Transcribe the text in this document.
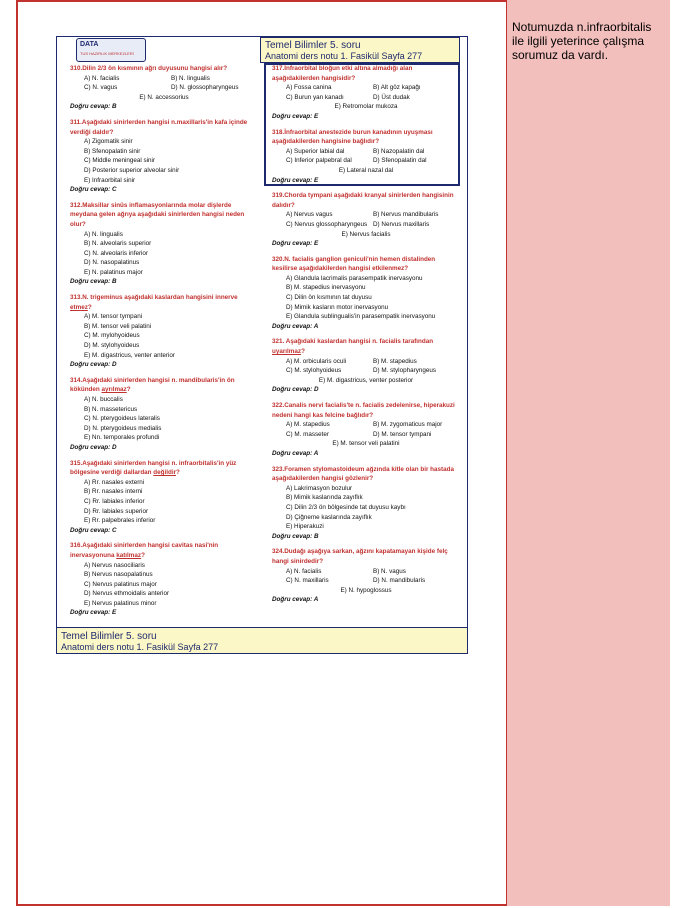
Notumuzda n.infraorbitalis ile ilgili yeterince çalışma sorumuz da vardı.
DATA
TUS HAZIRLIK MERKEZLERİ
Temel Bilimler 5. soru
Anatomi ders notu 1. Fasikül Sayfa 277
310.Dilin 2/3 ön kısmının ağrı duyusunu hangisi alır?
A) N. facialis	B) N. lingualis
C) N. vagus	D) N. glossopharyngeus
E) N. accessorius
Doğru cevap: B
311.Aşağıdaki sinirlerden hangisi n.maxillaris'in kafa içinde verdiği daldır?
A) Zigomatik sinir
B) Sfenopalatin sinir
C) Middle meningeal sinir
D) Posterior superior alveolar sinir
E) Infraorbital sinir
Doğru cevap: C
312.Maksillar sinüs inflamasyonlarında molar dişlerde meydana gelen ağrıya aşağıdaki sinirlerden hangisi neden olur?
A) N. lingualis
B) N. alveolaris superior
C) N. alveolaris inferior
D) N. nasopalatinus
E) N. palatinus major
Doğru cevap: B
313.N. trigeminus aşağıdaki kaslardan hangisini innerve etmez?
A) M. tensor tympani
B) M. tensor veli palatini
C) M. mylohyoideus
D) M. stylohyoideus
E) M. digastricus, venter anterior
Doğru cevap: D
314.Aşağıdaki sinirlerden hangisi n. mandibularis'in ön kökünden ayrılmaz?
A) N. buccalis
B) N. massetericus
C) N. pterygoideus lateralis
D) N. pterygoideus medialis
E) Nn. temporales profundi
Doğru cevap: D
315.Aşağıdaki sinirlerden hangisi n. infraorbitalis'in yüz bölgesine verdiği dallardan değildir?
A) Rr. nasales externi
B) Rr. nasales interni
C) Rr. labiales inferior
D) Rr. labiales superior
E) Rr. palpebrales inferior
Doğru cevap: C
316.Aşağıdaki sinirlerden hangisi cavitas nasi'nin inervasyonuna katılmaz?
A) Nervus nasociliaris
B) Nervus nasopalatinus
C) Nervus palatinus major
D) Nervus ethmoidalis anterior
E) Nervus palatinus minor
Doğru cevap: E
317.İnfraorbital bloğun etki altına almadığı alan aşağıdakilerden hangisidir?
A) Fossa canina	B) Alt göz kapağı
C) Burun yan kanadı	D) Üst dudak
E) Retromolar mukoza
Doğru cevap: E
318.İnfraorbital anestezide burun kanadının uyuşması aşağıdakilerden hangisine bağlıdır?
A) Superior labial dal	B) Nazopalatin dal
C) Inferior palpebral dal	D) Sfenopalatin dal
E) Lateral nazal dal
Doğru cevap: E
319.Chorda tympani aşağıdaki kranyal sinirlerden hangisinin dalıdır?
A) Nervus vagus	B) Nervus mandibularis
C) Nervus glossopharyngeus D) Nervus maxillaris
E) Nervus facialis
Doğru cevap: E
320.N. facialis ganglion geniculi'nin hemen distalinden kesilirse aşağıdakilerden hangisi etkilenmez?
A) Glandula lacrimalis parasempatik inervasyonu
B) M. stapedius inervasyonu
C) Dilin ön kısmının tat duyusu
D) Mimik kasların motor inervasyonu
E) Glandula sublingualis'in parasempatik inervasyonu
Doğru cevap: A
321. Aşağıdaki kaslardan hangisi n. facialis tarafından uyarılmaz?
A) M. orbicularis oculi	B) M. stapedius
C) M. stylohyoideus	D) M. stylopharyngeus
E) M. digastricus, venter posterior
Doğru cevap: D
322.Canalis nervi facialis'te n. facialis zedelenirse, hiperakuzi nedeni hangi kas felcine bağlıdır?
A) M. stapedius	B) M. zygomaticus major
C) M. masseter	D) M. tensor tympani
E) M. tensor veli palatini
Doğru cevap: A
323.Foramen stylomastoideum ağzında kitle olan bir hastada aşağıdakilerden hangisi gözlenir?
A) Lakrimasyon bozulur
B) Mimik kaslarında zayıflık
C) Dilin 2/3 ön bölgesinde tat duyusu kaybı
D) Çiğneme kaslarında zayıflık
E) Hiperakuzi
Doğru cevap: B
324.Dudağı aşağıya sarkan, ağzını kapatamayan kişide felç hangi sinirdedir?
A) N. facialis	B) N. vagus
C) N. maxillaris	D) N. mandibularis
E) N. hypoglossus
Doğru cevap: A
Temel Bilimler 5. soru
Anatomi ders notu 1. Fasikül Sayfa 277
